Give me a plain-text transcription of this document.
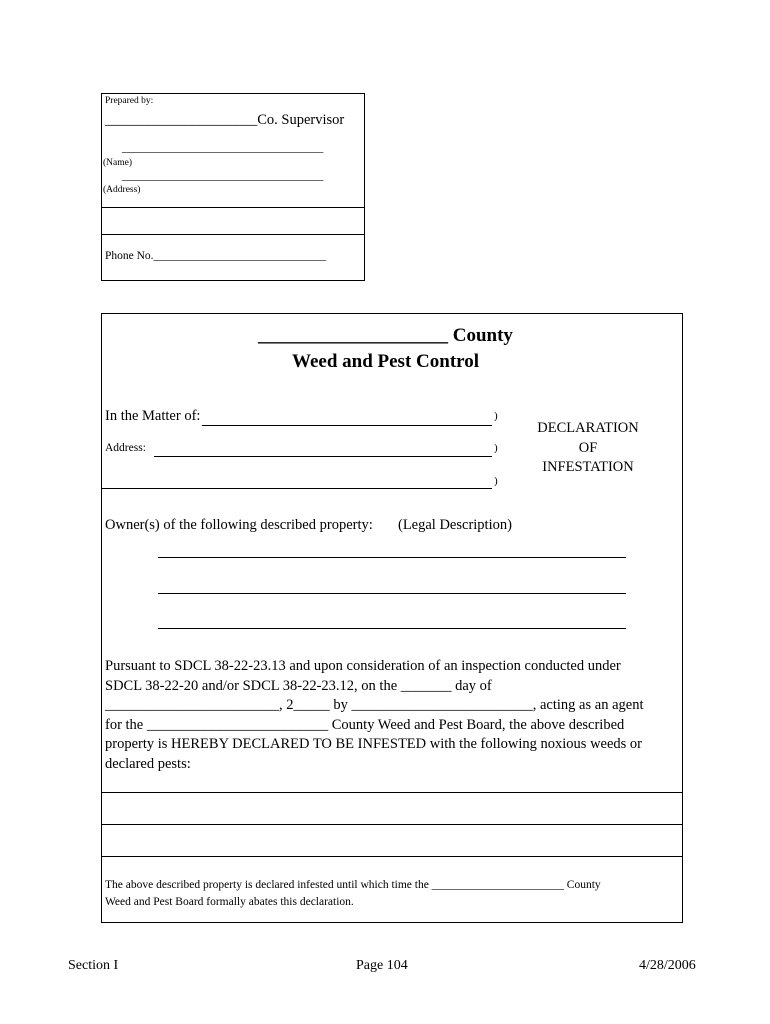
Prepared by:
_____________________Co. Supervisor
___________________________________
(Name)
___________________________________
(Address)
Phone No.______________________________
____________________ County
Weed and Pest Control
In the Matter of:	)
Address:	)
)
DECLARATION
OF
INFESTATION
Owner(s) of the following described property: (Legal Description)
Pursuant to SDCL 38-22-23.13 and upon consideration of an inspection conducted under
SDCL 38-22-20 and/or SDCL 38-22-23.12, on the _______ day of
________________________, 2_____ by _________________________, acting as an agent
for the _________________________ County Weed and Pest Board, the above described
property is HEREBY DECLARED TO BE INFESTED with the following noxious weeds or
declared pests:
The above described property is declared infested until which time the _______________________ County
Weed and Pest Board formally abates this declaration.
Section I	Page 104	4/28/2006
